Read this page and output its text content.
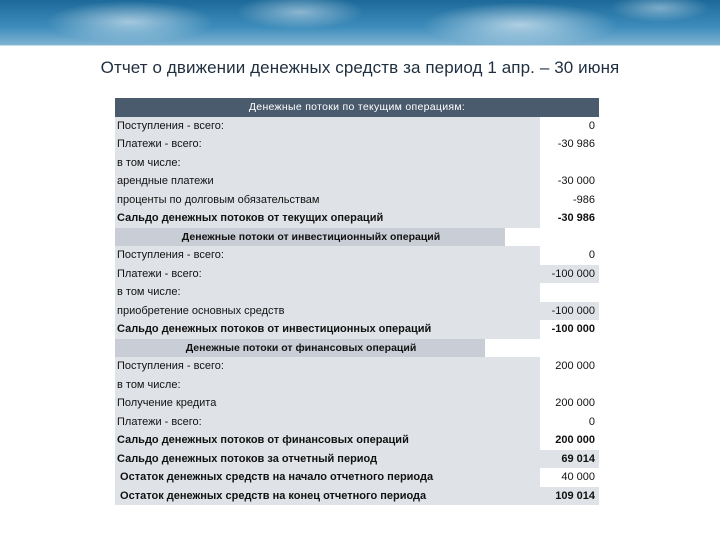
Отчет о движении денежных средств за период 1 апр. – 30 июня
Денежные потоки по текущим операциям:
Поступления - всего:	0
Платежи - всего:	-30 986
в том числе:
арендные платежи	-30 000
проценты по долговым обязательствам	-986
Сальдо денежных потоков от текущих операций	-30 986
Денежные потоки от инвестиционныйх операций
Поступления - всего:	0
Платежи - всего:	-100 000
в том числе:
приобретение основных средств	-100 000
Сальдо денежных потоков от инвестиционных операций	-100 000
Денежные потоки от финансовых операций
Поступления - всего:	200 000
в том числе:
Получение кредита	200 000
Платежи - всего:	0
Сальдо денежных потоков от финансовых операций	200 000
Сальдо денежных потоков за отчетный период	69 014
Остаток денежных средств на начало отчетного периода	40 000
Остаток денежных средств на конец отчетного периода	109 014
